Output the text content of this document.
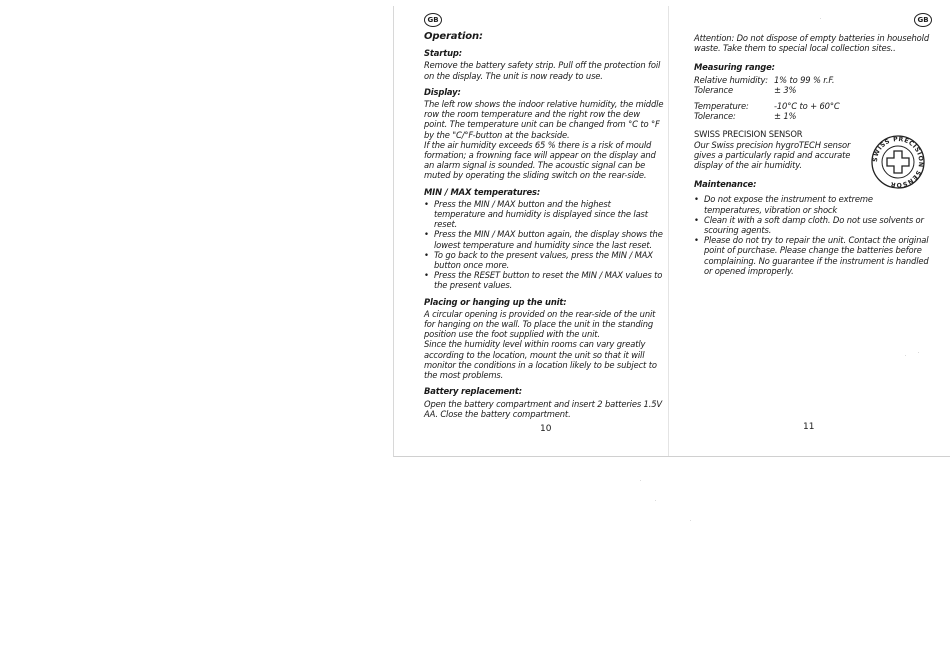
GB	GB
Operation:
Startup:

Remove the battery safety strip. Pull off the protection foil on the display. The unit is now ready to use.

Display:

The left row shows the indoor relative humidity, the middle row the room temperature and the right row the dew point. The temperature unit can be changed from °C to °F by the "C/°F-button at the backside.

If the air humidity exceeds 65 % there is a risk of mould formation; a frowning face will appear on the display and an alarm signal is sounded. The acoustic signal can be muted by operating the sliding switch on the rear-side.

MIN / MAX temperatures:
• Press the MIN / MAX button and the highest temperature and humidity is displayed since the last reset.
• Press the MIN / MAX button again, the display shows the lowest temperature and humidity since the last reset.
• To go back to the present values, press the MIN / MAX button once more.
• Press the RESET button to reset the MIN / MAX values to the present values.
Placing or hanging up the unit:

A circular opening is provided on the rear-side of the unit for hanging on the wall. To place the unit in the standing position use the foot supplied with the unit.

Since the humidity level within rooms can vary greatly according to the location, mount the unit so that it will monitor the conditions in a location likely to be subject to the most problems.

Battery replacement:

Open the battery compartment and insert 2 batteries 1.5V AA. Close the battery compartment.

10

Attention: Do not dispose of empty batteries in household waste. Take them to special local collection sites..

Measuring range:
Relative humidity:	1% to 99 % r.F.
Tolerance	± 3%

Temperature:	-10°C to + 60°C
Tolerance:	± 1%

SWISS PRECISION SENSOR

Our Swiss precision hygroTECH sensor gives a particularly rapid and accurate display of the air humidity.

Maintenance:
• Do not expose the instrument to extreme temperatures, vibration or shock
• Clean it with a soft damp cloth. Do not use solvents or scouring agents.
• Please do not try to repair the unit. Contact the original point of purchase. Please change the batteries before complaining. No guarantee if the instrument is handled or opened improperly.
11
SWISS PRECISION SENSOR
